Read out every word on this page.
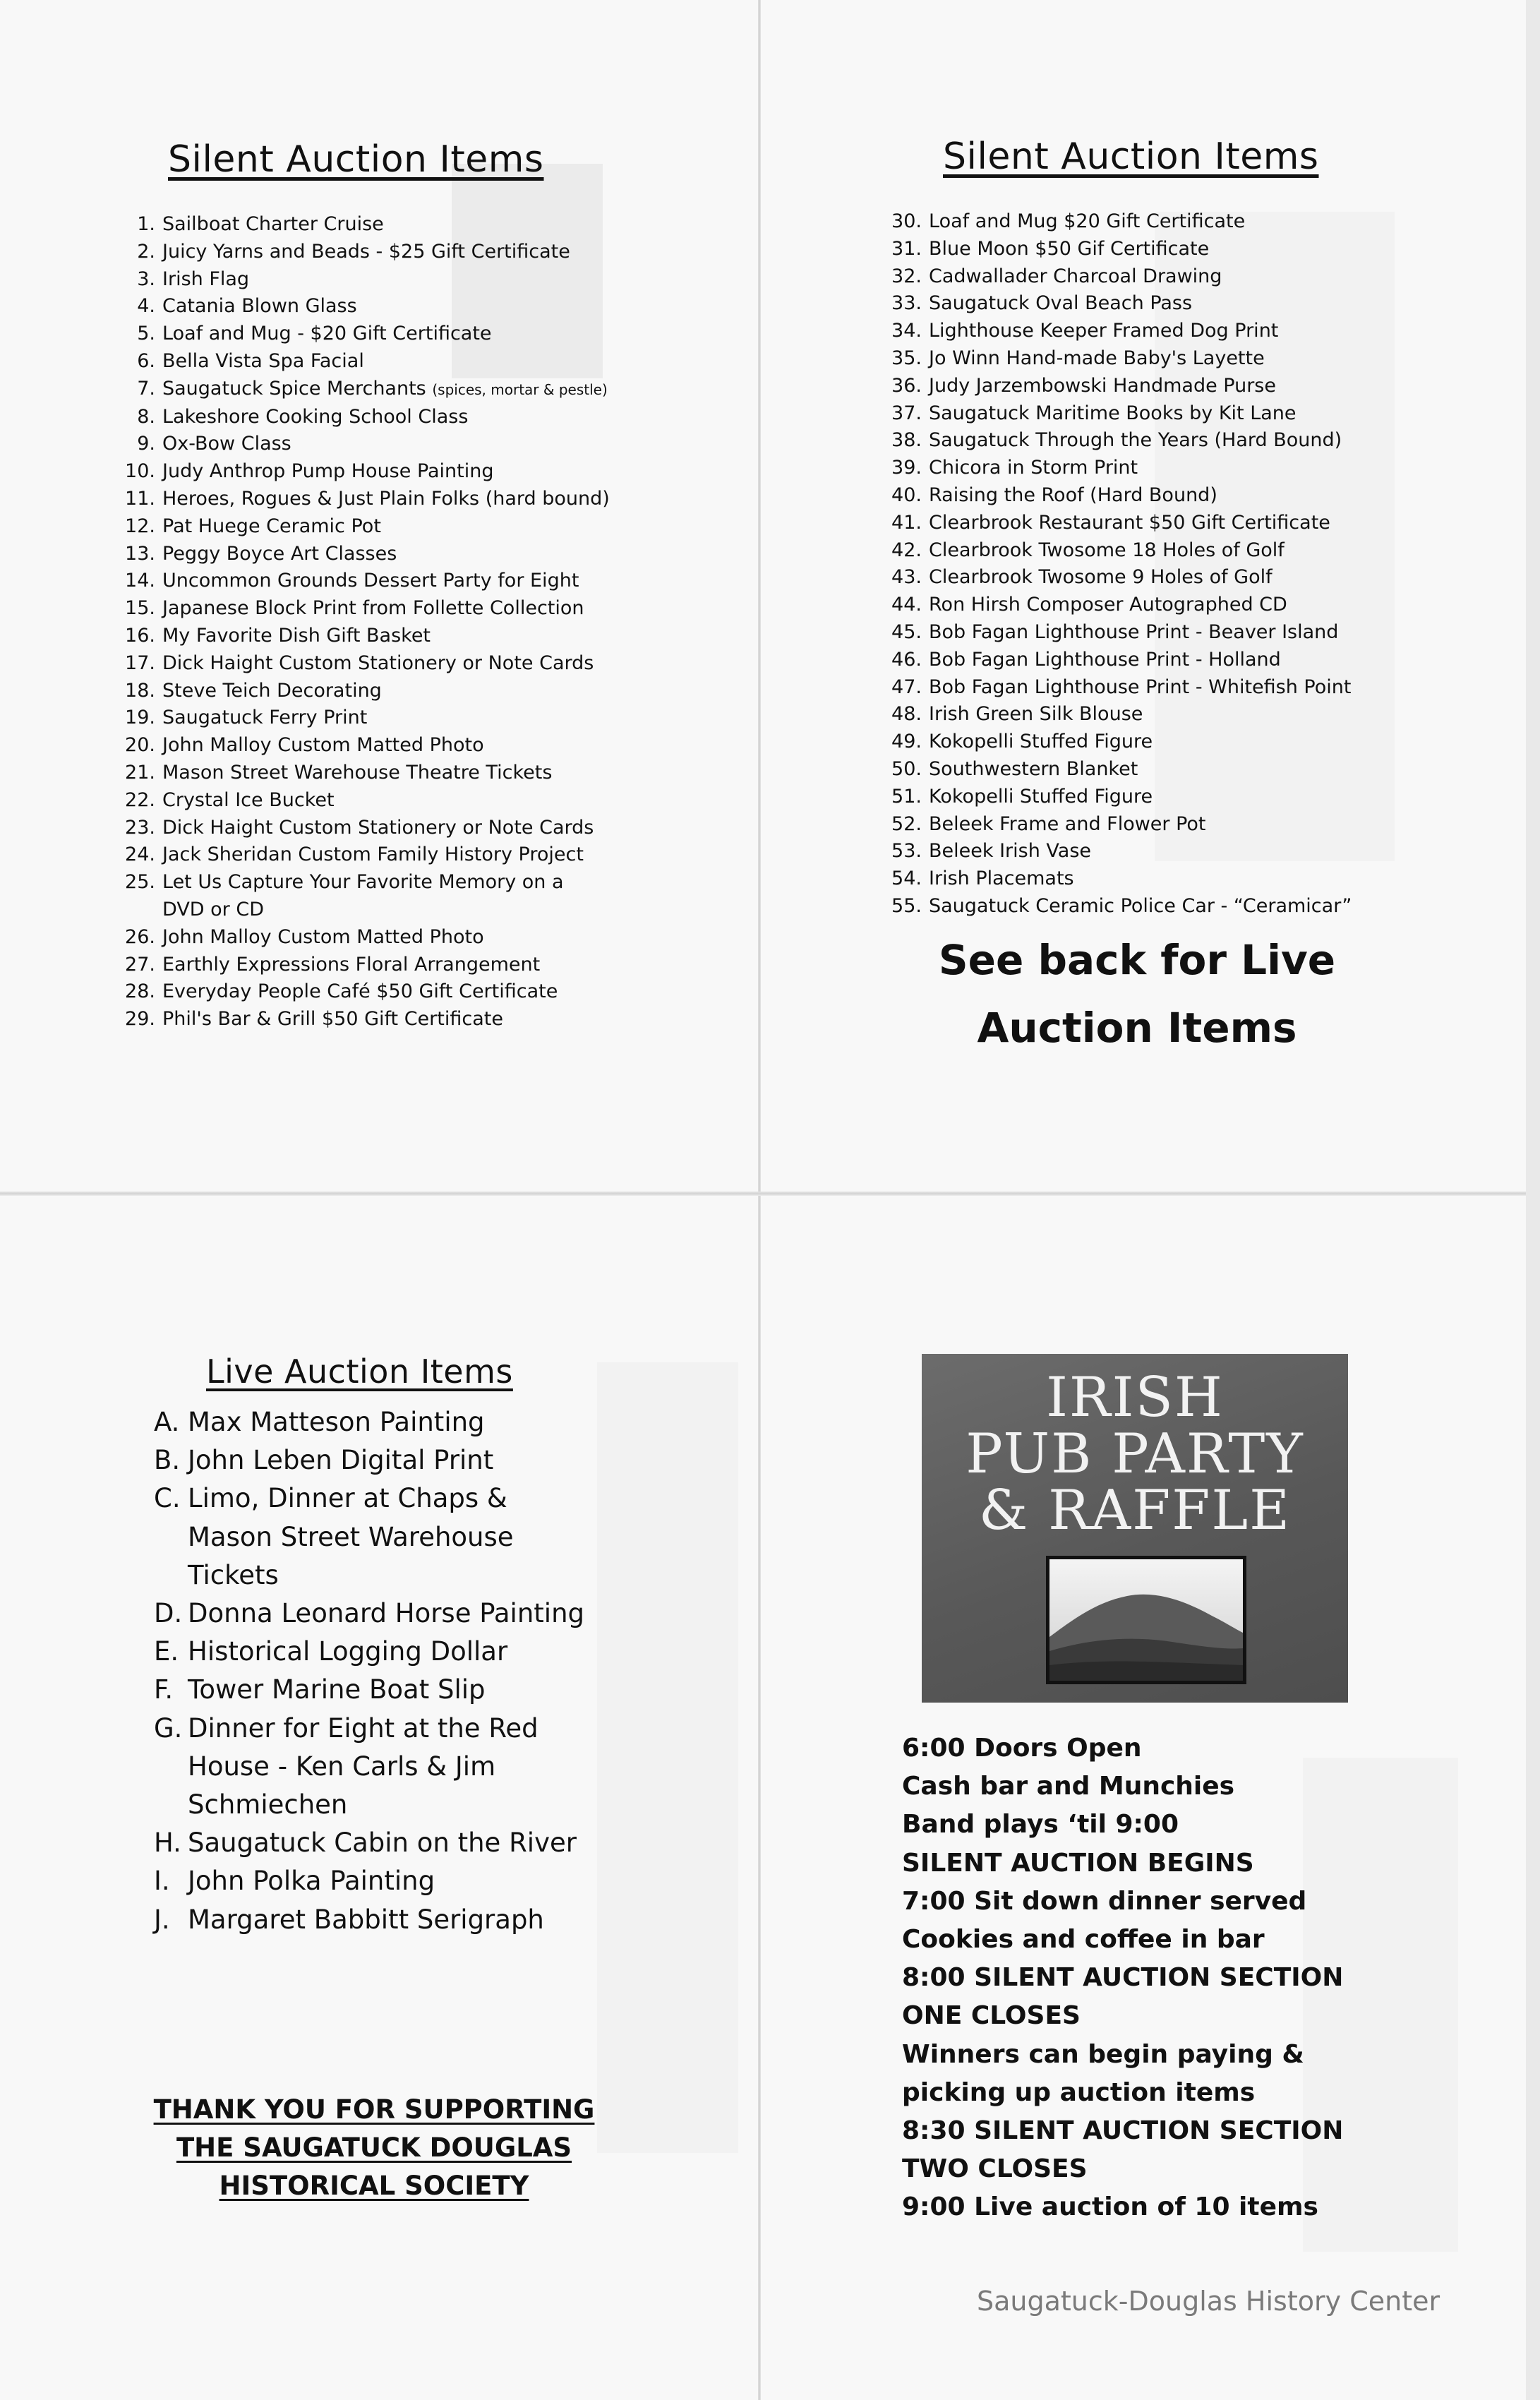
Silent Auction Items
1. Sailboat Charter Cruise
2. Juicy Yarns and Beads - $25 Gift Certificate
3. Irish Flag
4. Catania Blown Glass
5. Loaf and Mug - $20 Gift Certificate
6. Bella Vista Spa Facial
7. Saugatuck Spice Merchants (spices, mortar & pestle)
8. Lakeshore Cooking School Class
9. Ox-Bow Class
10. Judy Anthrop Pump House Painting
11. Heroes, Rogues & Just Plain Folks (hard bound)
12. Pat Huege Ceramic Pot
13. Peggy Boyce Art Classes
14. Uncommon Grounds Dessert Party for Eight
15. Japanese Block Print from Follette Collection
16. My Favorite Dish Gift Basket
17. Dick Haight Custom Stationery or Note Cards
18. Steve Teich Decorating
19. Saugatuck Ferry Print
20. John Malloy Custom Matted Photo
21. Mason Street Warehouse Theatre Tickets
22. Crystal Ice Bucket
23. Dick Haight Custom Stationery or Note Cards
24. Jack Sheridan Custom Family History Project
25. Let Us Capture Your Favorite Memory on a DVD or CD
26. John Malloy Custom Matted Photo
27. Earthly Expressions Floral Arrangement
28. Everyday People Café $50 Gift Certificate
29. Phil's Bar & Grill $50 Gift Certificate
Silent Auction Items
30. Loaf and Mug $20 Gift Certificate
31. Blue Moon $50 Gif Certificate
32. Cadwallader Charcoal Drawing
33. Saugatuck Oval Beach Pass
34. Lighthouse Keeper Framed Dog Print
35. Jo Winn Hand-made Baby's Layette
36. Judy Jarzembowski Handmade Purse
37. Saugatuck Maritime Books by Kit Lane
38. Saugatuck Through the Years (Hard Bound)
39. Chicora in Storm Print
40. Raising the Roof (Hard Bound)
41. Clearbrook Restaurant $50 Gift Certificate
42. Clearbrook Twosome 18 Holes of Golf
43. Clearbrook Twosome 9 Holes of Golf
44. Ron Hirsh Composer Autographed CD
45. Bob Fagan Lighthouse Print - Beaver Island
46. Bob Fagan Lighthouse Print - Holland
47. Bob Fagan Lighthouse Print - Whitefish Point
48. Irish Green Silk Blouse
49. Kokopelli Stuffed Figure
50. Southwestern Blanket
51. Kokopelli Stuffed Figure
52. Beleek Frame and Flower Pot
53. Beleek Irish Vase
54. Irish Placemats
55. Saugatuck Ceramic Police Car - “Ceramicar”
See back for Live
Auction Items
Live Auction Items
A. Max Matteson Painting
B. John Leben Digital Print
C. Limo, Dinner at Chaps & Mason Street Warehouse Tickets
D. Donna Leonard Horse Painting
E. Historical Logging Dollar
F. Tower Marine Boat Slip
G. Dinner for Eight at the Red House - Ken Carls & Jim Schmiechen
H. Saugatuck Cabin on the River
I. John Polka Painting
J. Margaret Babbitt Serigraph
THANK YOU FOR SUPPORTING
THE SAUGATUCK DOUGLAS
HISTORICAL SOCIETY
IRISH
PUB PARTY
& RAFFLE
6:00 Doors Open
Cash bar and Munchies
Band plays ‘til 9:00
SILENT AUCTION BEGINS
7:00 Sit down dinner served
Cookies and coffee in bar
8:00 SILENT AUCTION SECTION ONE CLOSES
Winners can begin paying & picking up auction items
8:30 SILENT AUCTION SECTION TWO CLOSES
9:00 Live auction of 10 items
Saugatuck-Douglas History Center
